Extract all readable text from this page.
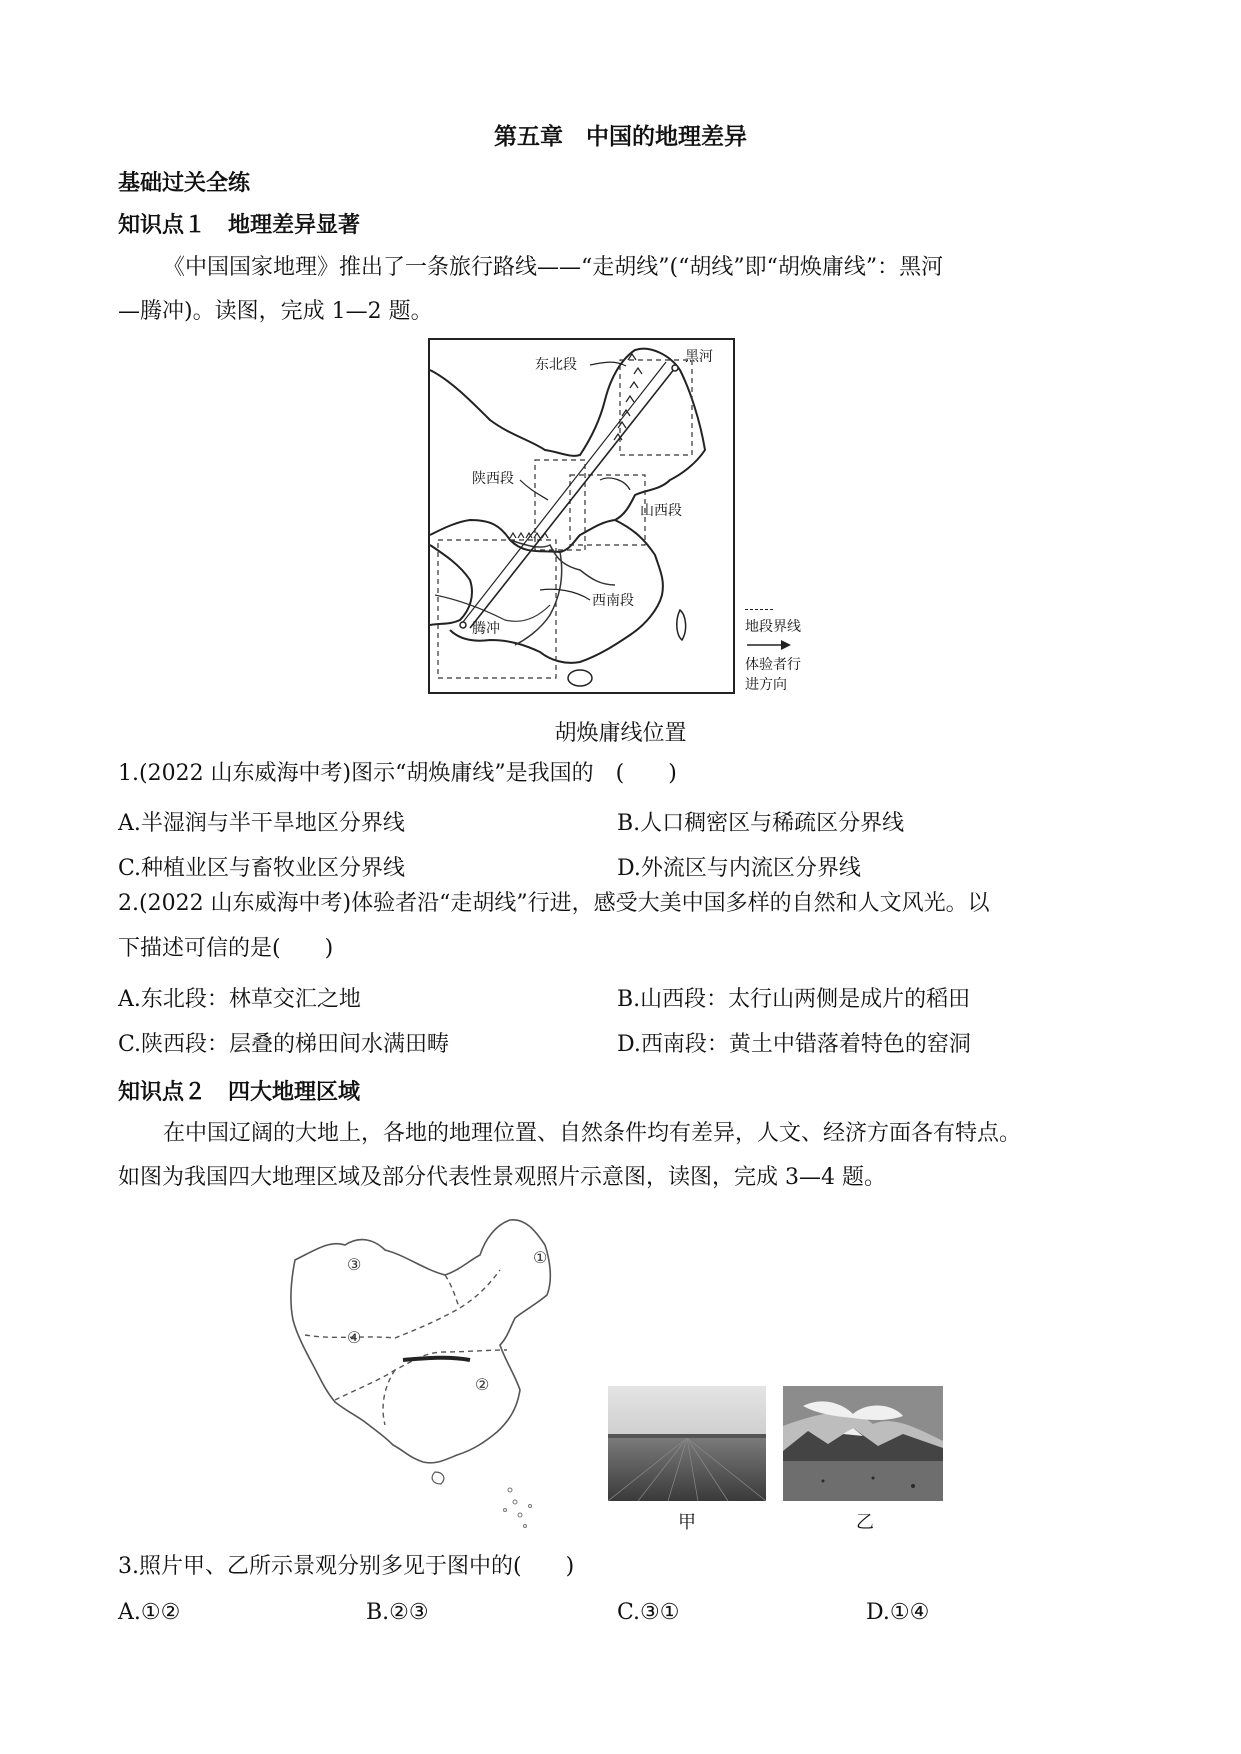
第五章　中国的地理差异
基础过关全练
知识点１　地理差异显著
《中国国家地理》推出了一条旅行路线——“走胡线”(“胡线”即“胡焕庸线”：黑河
—腾冲)。读图，完成 1—2 题。
东北段	黑河
陕西段
山西段
西南段
腾冲	地段界线
体验者行
进方向
胡焕庸线位置
1.(2022 山东威海中考)图示“胡焕庸线”是我国的　(　　)
A.半湿润与半干旱地区分界线	B.人口稠密区与稀疏区分界线
C.种植业区与畜牧业区分界线	D.外流区与内流区分界线
2.(2022 山东威海中考)体验者沿“走胡线”行进，感受大美中国多样的自然和人文风光。以
下描述可信的是(　　)
A.东北段：林草交汇之地	B.山西段：太行山两侧是成片的稻田
C.陕西段：层叠的梯田间水满田畴	D.西南段：黄土中错落着特色的窑洞
知识点２　四大地理区域
在中国辽阔的大地上，各地的地理位置、自然条件均有差异，人文、经济方面各有特点。
如图为我国四大地理区域及部分代表性景观照片示意图，读图，完成 3—4 题。
①
②
③
④
甲	乙
3.照片甲、乙所示景观分别多见于图中的(　　)
A.①②	B.②③	C.③①	D.①④
